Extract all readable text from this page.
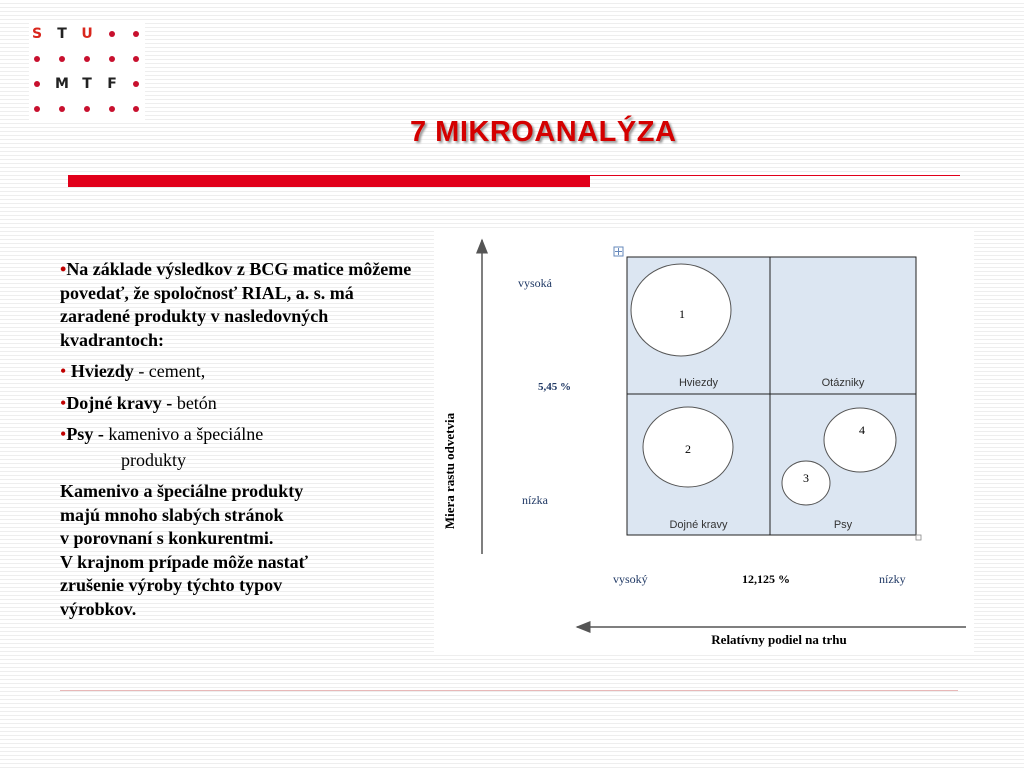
S T U
M T F
7 MIKROANALÝZA

•Na základe výsledkov z BCG matice môžeme povedať, že spoločnosť RIAL, a. s. má zaradené produkty v nasledovných kvadrantoch:

• Hviezdy - cement,

•Dojné kravy - betón

•Psy - kamenivo a špeciálne

produkty

Kamenivo a špeciálne produkty
majú mnoho slabých stránok
v porovnaní s konkurentmi.
V krajnom prípade môže nastať
zrušenie výroby týchto typov
výrobkov.
1
2
3
4
Hviezdy	Otázniky
Dojné kravy	Psy
vysoká
5,45 %
nízka
vysoký	12,125 %	nízky
Miera rastu odvetvia
Relatívny podiel na trhu
